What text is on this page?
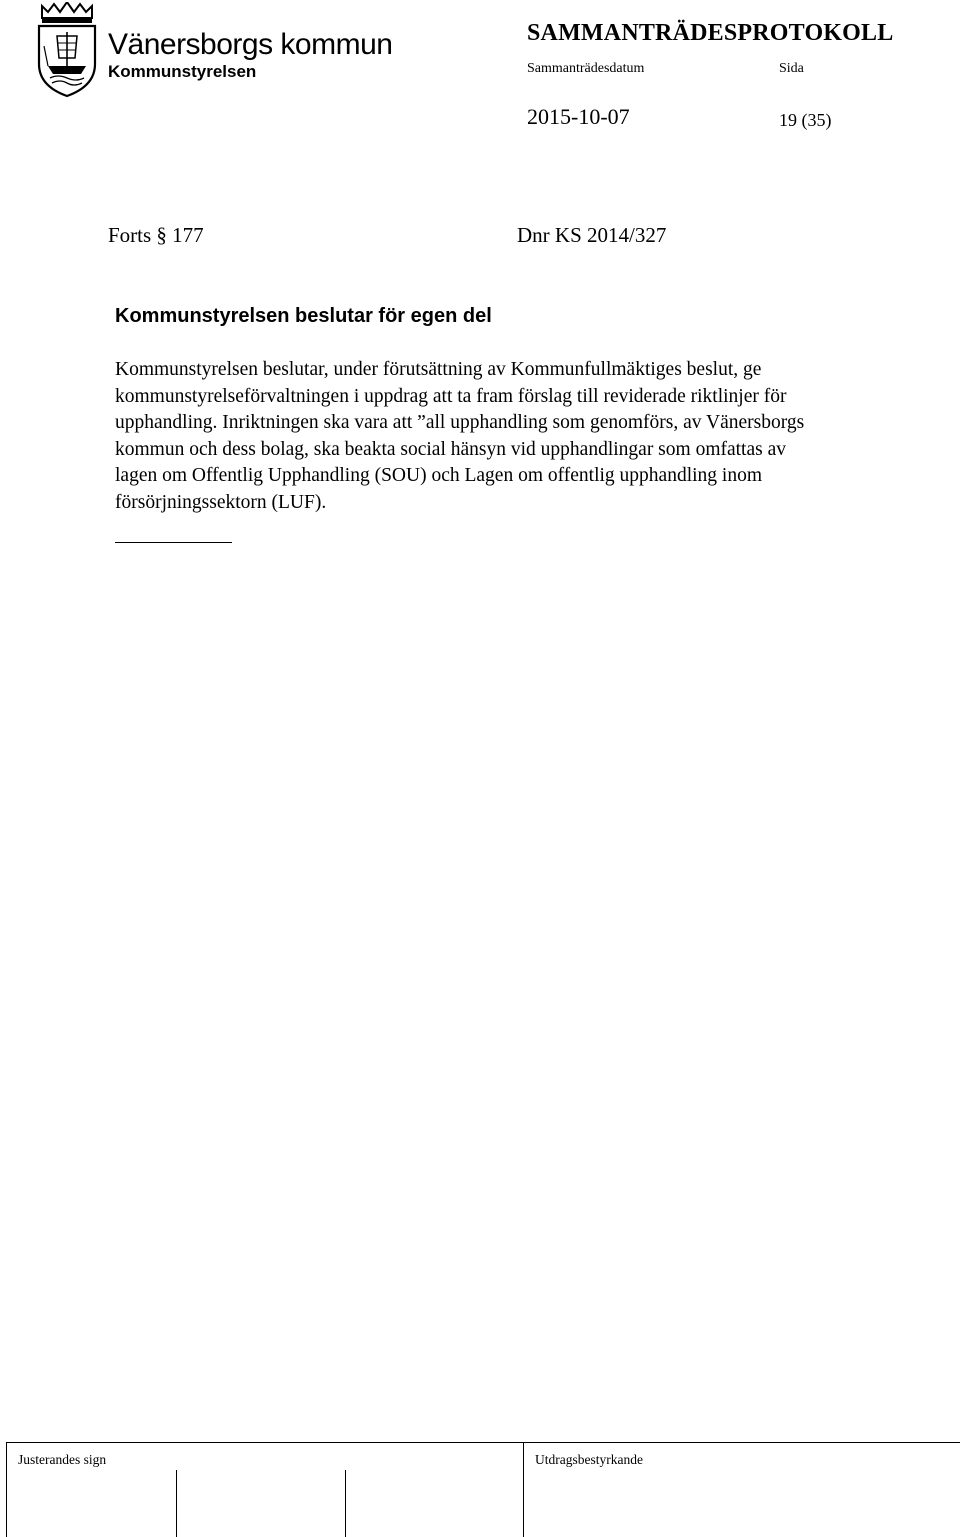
Vänersborgs kommun
Kommunstyrelsen
SAMMANTRÄDESPROTOKOLL
Sammanträdesdatum	Sida
2015-10-07	19 (35)
Forts § 177	Dnr KS 2014/327
Kommunstyrelsen beslutar för egen del
Kommunstyrelsen beslutar, under förutsättning av Kommunfullmäktiges beslut, ge
kommunstyrelseförvaltningen i uppdrag att ta fram förslag till reviderade riktlinjer för
upphandling. Inriktningen ska vara att ”all upphandling som genomförs, av Vänersborgs
kommun och dess bolag, ska beakta social hänsyn vid upphandlingar som omfattas av
lagen om Offentlig Upphandling (SOU) och Lagen om offentlig upphandling inom
försörjningssektorn (LUF).
Justerandes sign	Utdragsbestyrkande
